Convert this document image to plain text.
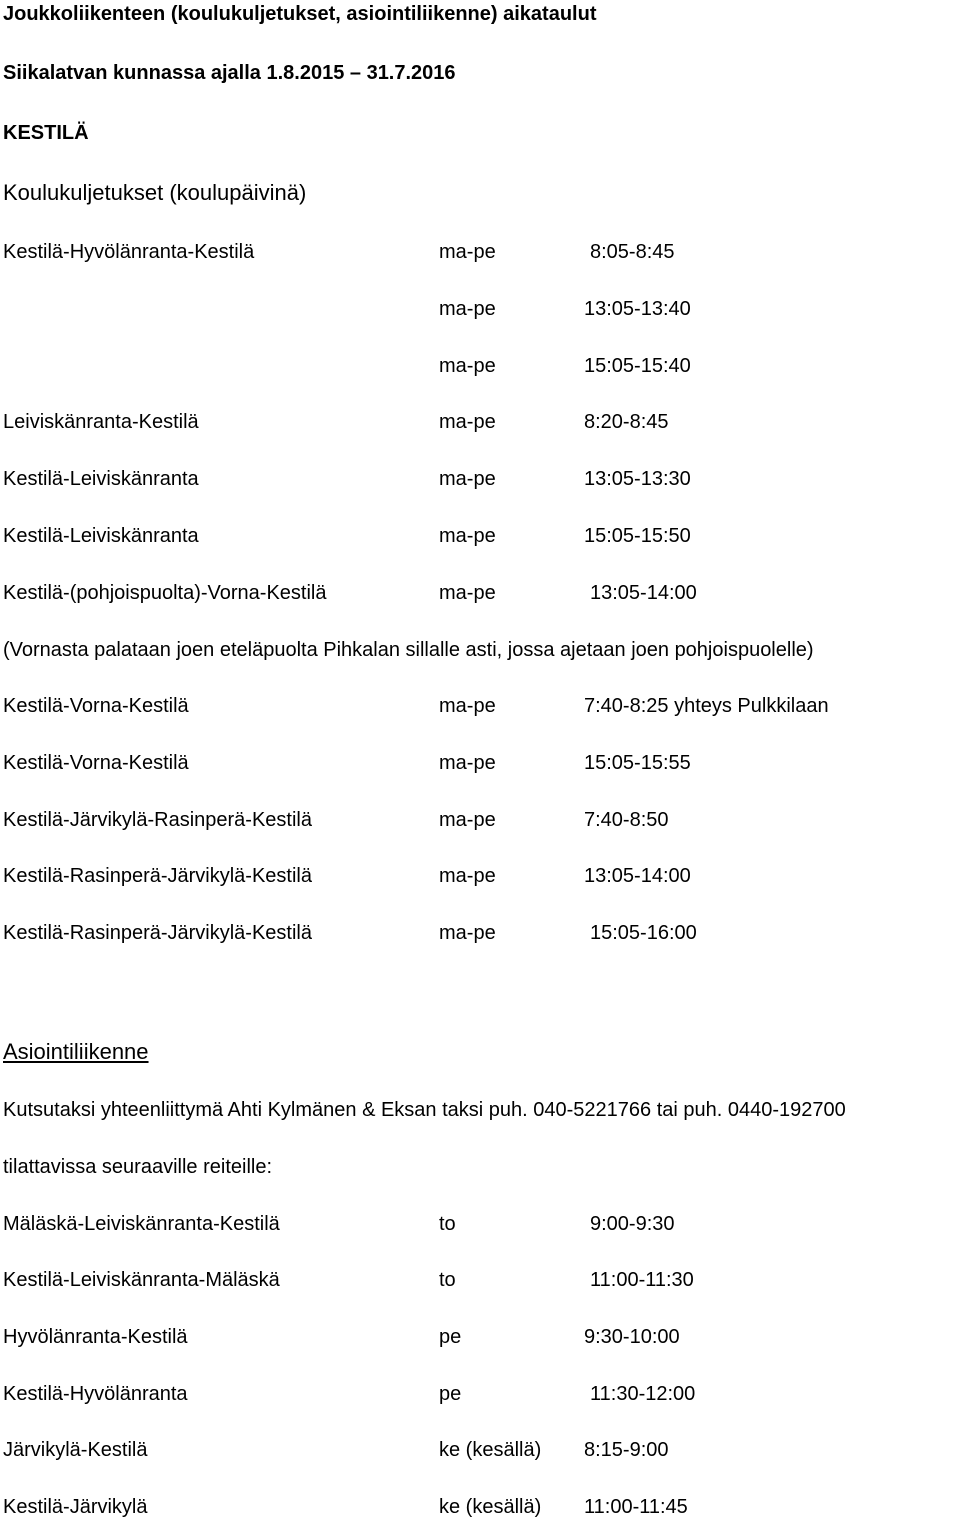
Joukkoliikenteen (koulukuljetukset, asiointiliikenne) aikataulut
Siikalatvan kunnassa ajalla 1.8.2015 – 31.7.2016
KESTILÄ
Koulukuljetukset (koulupäivinä)
Kestilä-Hyvölänranta-Kestilä	ma-pe	8:05-8:45
ma-pe	13:05-13:40
ma-pe	15:05-15:40
Leiviskänranta-Kestilä	ma-pe	8:20-8:45
Kestilä-Leiviskänranta	ma-pe	13:05-13:30
Kestilä-Leiviskänranta	ma-pe	15:05-15:50
Kestilä-(pohjoispuolta)-Vorna-Kestilä	ma-pe	13:05-14:00
(Vornasta palataan joen eteläpuolta Pihkalan sillalle asti, jossa ajetaan joen pohjoispuolelle)
Kestilä-Vorna-Kestilä	ma-pe	7:40-8:25 yhteys Pulkkilaan
Kestilä-Vorna-Kestilä	ma-pe	15:05-15:55
Kestilä-Järvikylä-Rasinperä-Kestilä	ma-pe	7:40-8:50
Kestilä-Rasinperä-Järvikylä-Kestilä	ma-pe	13:05-14:00
Kestilä-Rasinperä-Järvikylä-Kestilä	ma-pe	15:05-16:00
Asiointiliikenne
Kutsutaksi yhteenliittymä Ahti Kylmänen & Eksan taksi puh. 040-5221766 tai puh. 0440-192700
tilattavissa seuraaville reiteille:
Mäläskä-Leiviskänranta-Kestilä	to	9:00-9:30
Kestilä-Leiviskänranta-Mäläskä	to	11:00-11:30
Hyvölänranta-Kestilä	pe	9:30-10:00
Kestilä-Hyvölänranta	pe	11:30-12:00
Järvikylä-Kestilä	ke (kesällä) 8:15-9:00
Kestilä-Järvikylä	ke (kesällä) 11:00-11:45
